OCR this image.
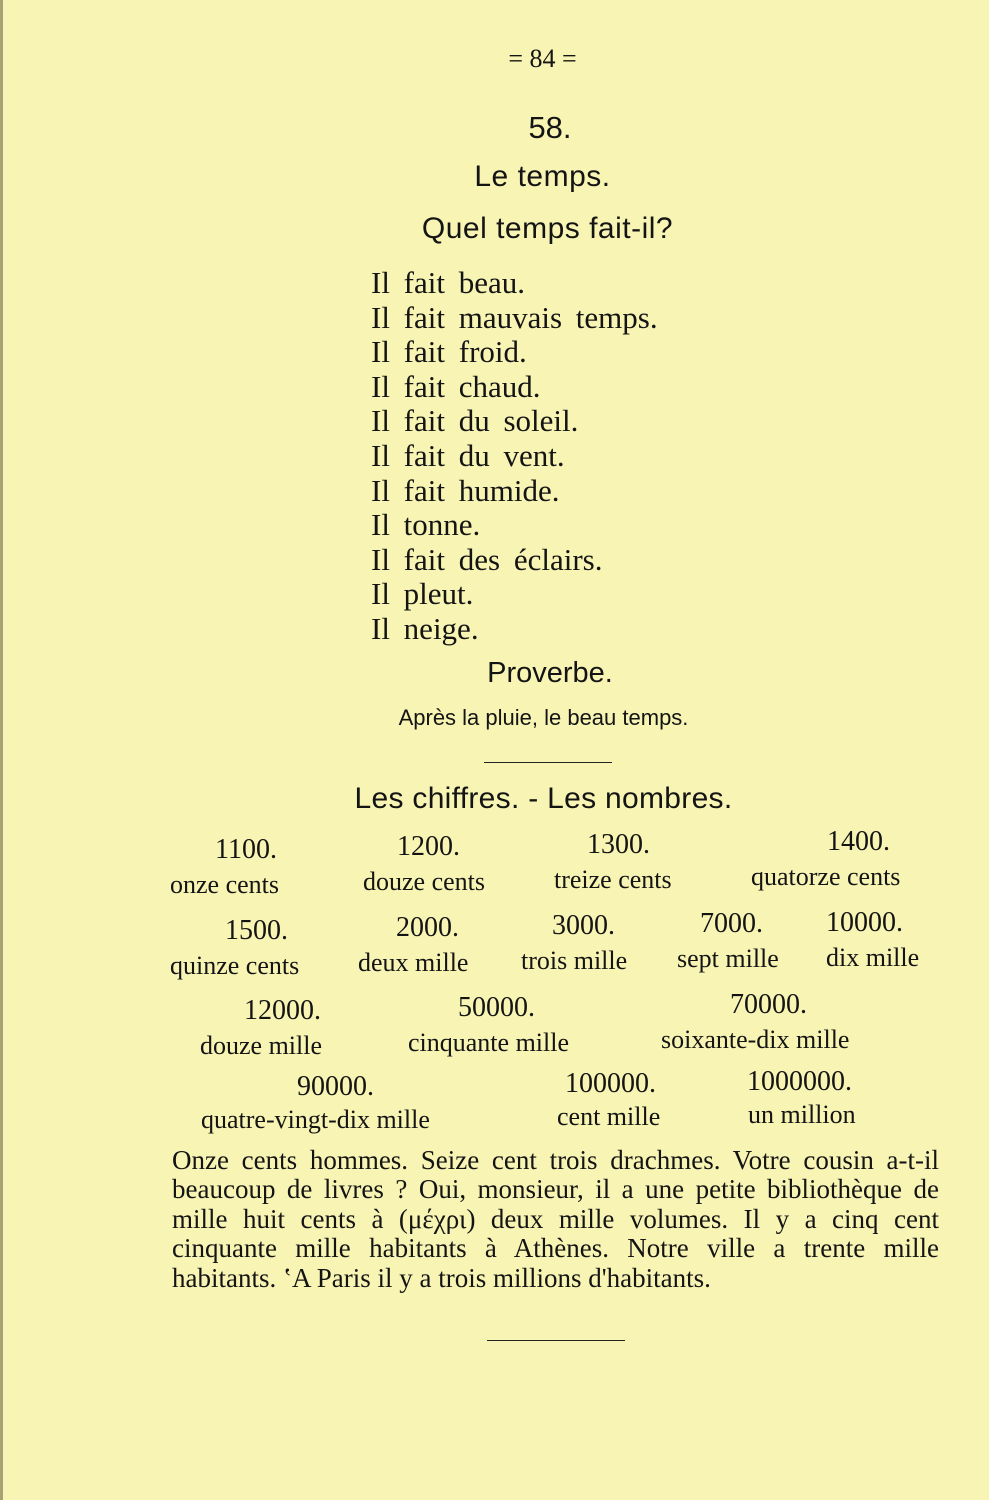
= 84 =
58.
Le temps.
Quel temps fait-il?
Il fait beau.
Il fait mauvais temps.
Il fait froid.
Il fait chaud.
Il fait du soleil.
Il fait du vent.
Il fait humide.
Il tonne.
Il fait des éclairs.
Il pleut.
Il neige.
Proverbe.
Après la pluie, le beau temps.
Les chiffres. - Les nombres.
1100.
onze cents
1200.
douze cents
1300.
treize cents
1400.
quatorze cents
1500.
quinze cents
2000.
deux mille
3000.
trois mille
7000.
sept mille
10000.
dix mille
12000.
douze mille
50000.
cinquante mille
70000.
soixante-dix mille
90000.
quatre-vingt-dix mille
100000.
cent mille
1000000.
un million

Onze cents hommes. Seize cent trois drachmes. Votre cousin a-t-il beaucoup de livres ? Oui, monsieur, il a une petite bibliothèque de mille huit cents à (μέχρι) deux mille volumes. Il y a cinq cent cinquante mille habitants à Athènes. Notre ville a trente mille habitants. ʽA Paris il y a trois millions d'habitants.
